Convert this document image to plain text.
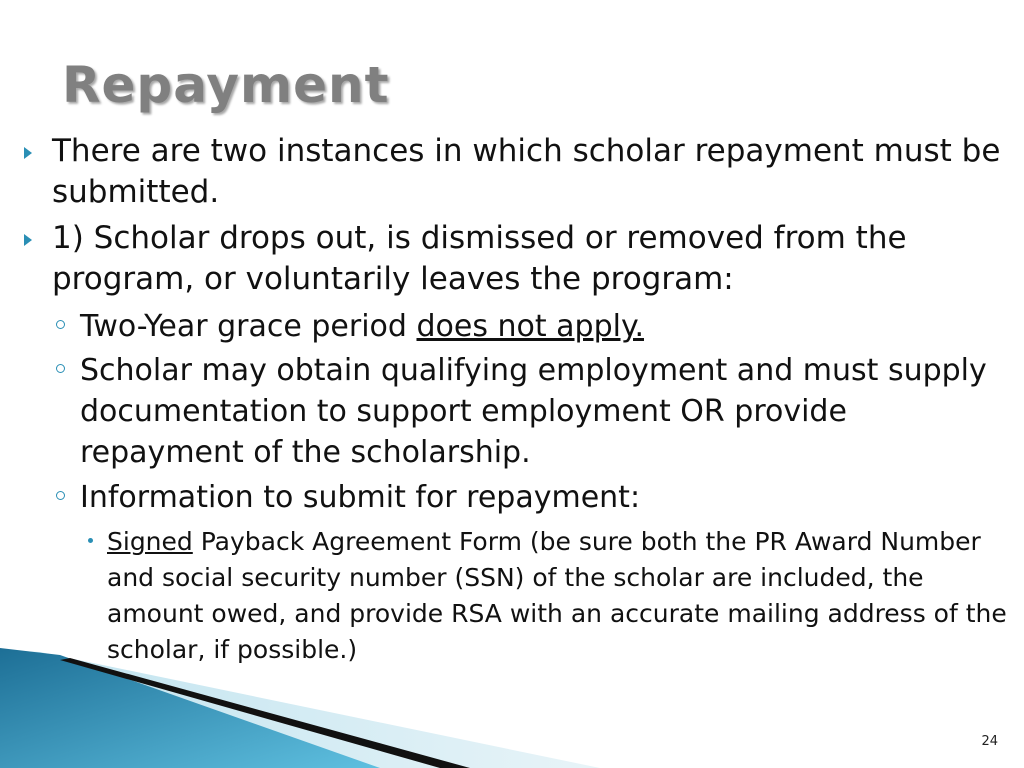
Repayment
There are two instances in which scholar repayment must be submitted.
1) Scholar drops out, is dismissed or removed from the program, or voluntarily leaves the program:
Two-Year grace period does not apply.
Scholar may obtain qualifying employment and must supply documentation to support employment OR provide repayment of the scholarship.
Information to submit for repayment:
Signed Payback Agreement Form (be sure both the PR Award Number and social security number (SSN) of the scholar are included, the amount owed, and provide RSA with an accurate mailing address of the scholar, if possible.)
24
